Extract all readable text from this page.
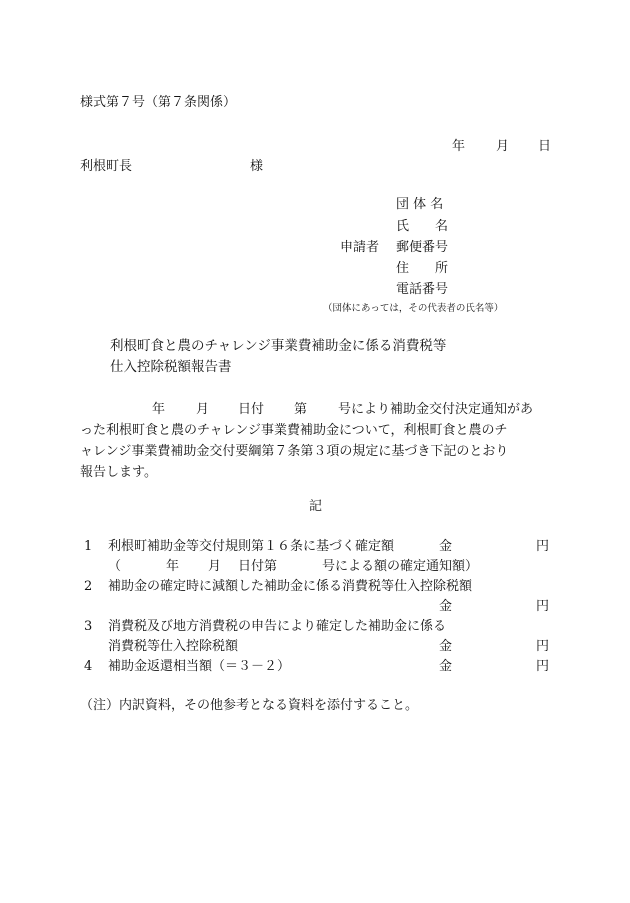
様式第７号（第７条関係）
年 月 日
利根町長	様
団 体 名
氏　　名
申請者 郵便番号
住　　所
電話番号
（団体にあっては，その代表者の氏名等）
利根町食と農のチャレンジ事業費補助金に係る消費税等
仕入控除税額報告書
年 月 日付 第 号により補助金交付決定通知があ
った利根町食と農のチャレンジ事業費補助金について，利根町食と農のチ
ャレンジ事業費補助金交付要綱第７条第３項の規定に基づき下記のとおり
報告します。
記
1 利根町補助金等交付規則第１６条に基づく確定額	金	円
（	年 月 日付第	号による額の確定通知額）
2 補助金の確定時に減額した補助金に係る消費税等仕入控除税額
金	円
3 消費税及び地方消費税の申告により確定した補助金に係る
消費税等仕入控除税額	金	円
4 補助金返還相当額（＝３－２）	金	円
（注）内訳資料，その他参考となる資料を添付すること。
